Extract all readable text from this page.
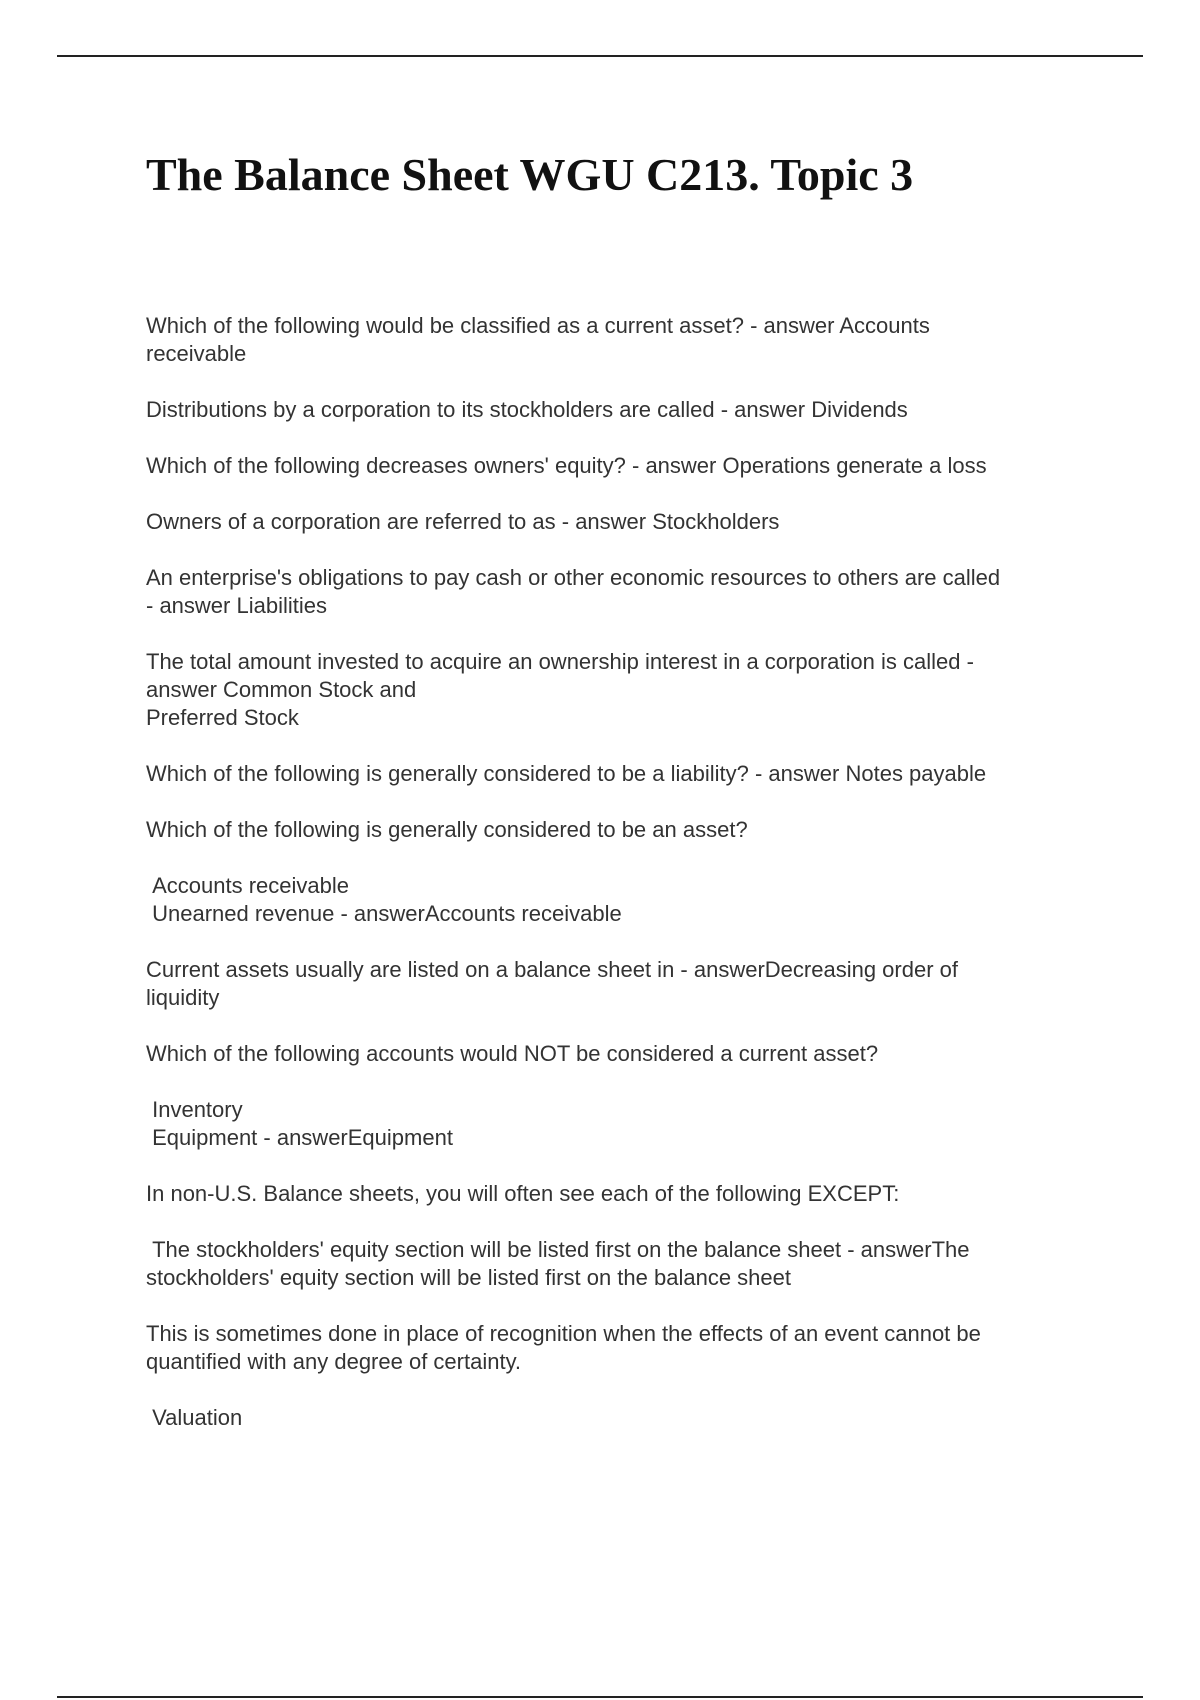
The Balance Sheet WGU C213. Topic 3

Which of the following would be classified as a current asset? - answer Accounts
receivable

Distributions by a corporation to its stockholders are called - answer Dividends

Which of the following decreases owners' equity? - answer Operations generate a loss

Owners of a corporation are referred to as - answer Stockholders

An enterprise's obligations to pay cash or other economic resources to others are called
- answer Liabilities

The total amount invested to acquire an ownership interest in a corporation is called -
answer Common Stock and
Preferred Stock

Which of the following is generally considered to be a liability? - answer Notes payable

Which of the following is generally considered to be an asset?

Accounts receivable
Unearned revenue - answerAccounts receivable

Current assets usually are listed on a balance sheet in - answerDecreasing order of
liquidity

Which of the following accounts would NOT be considered a current asset?

Inventory
Equipment - answerEquipment

In non-U.S. Balance sheets, you will often see each of the following EXCEPT:

The stockholders' equity section will be listed first on the balance sheet - answerThe
stockholders' equity section will be listed first on the balance sheet

This is sometimes done in place of recognition when the effects of an event cannot be
quantified with any degree of certainty.

Valuation
